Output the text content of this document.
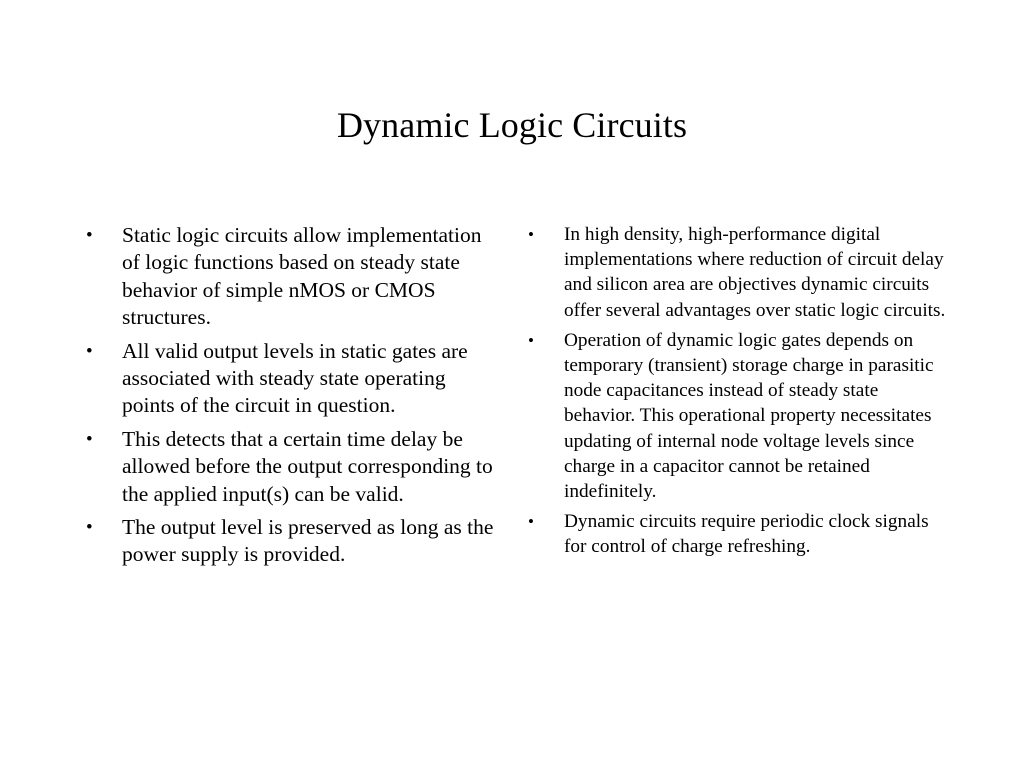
Dynamic Logic Circuits
• Static logic circuits allow implementation of logic functions based on steady state behavior of simple nMOS or CMOS structures.
• All valid output levels in static gates are associated with steady state operating points of the circuit in question.
• This detects that a certain time delay be allowed before the output corresponding to the applied input(s) can be valid.
• The output level is preserved as long as the power supply is provided.
• In high density, high-performance digital implementations where reduction of circuit delay and silicon area are objectives dynamic circuits offer several advantages over static logic circuits.
• Operation of dynamic logic gates depends on temporary (transient) storage charge in parasitic node capacitances instead of steady state behavior. This operational property necessitates updating of internal node voltage levels since charge in a capacitor cannot be retained indefinitely.
• Dynamic circuits require periodic clock signals for control of charge refreshing.
